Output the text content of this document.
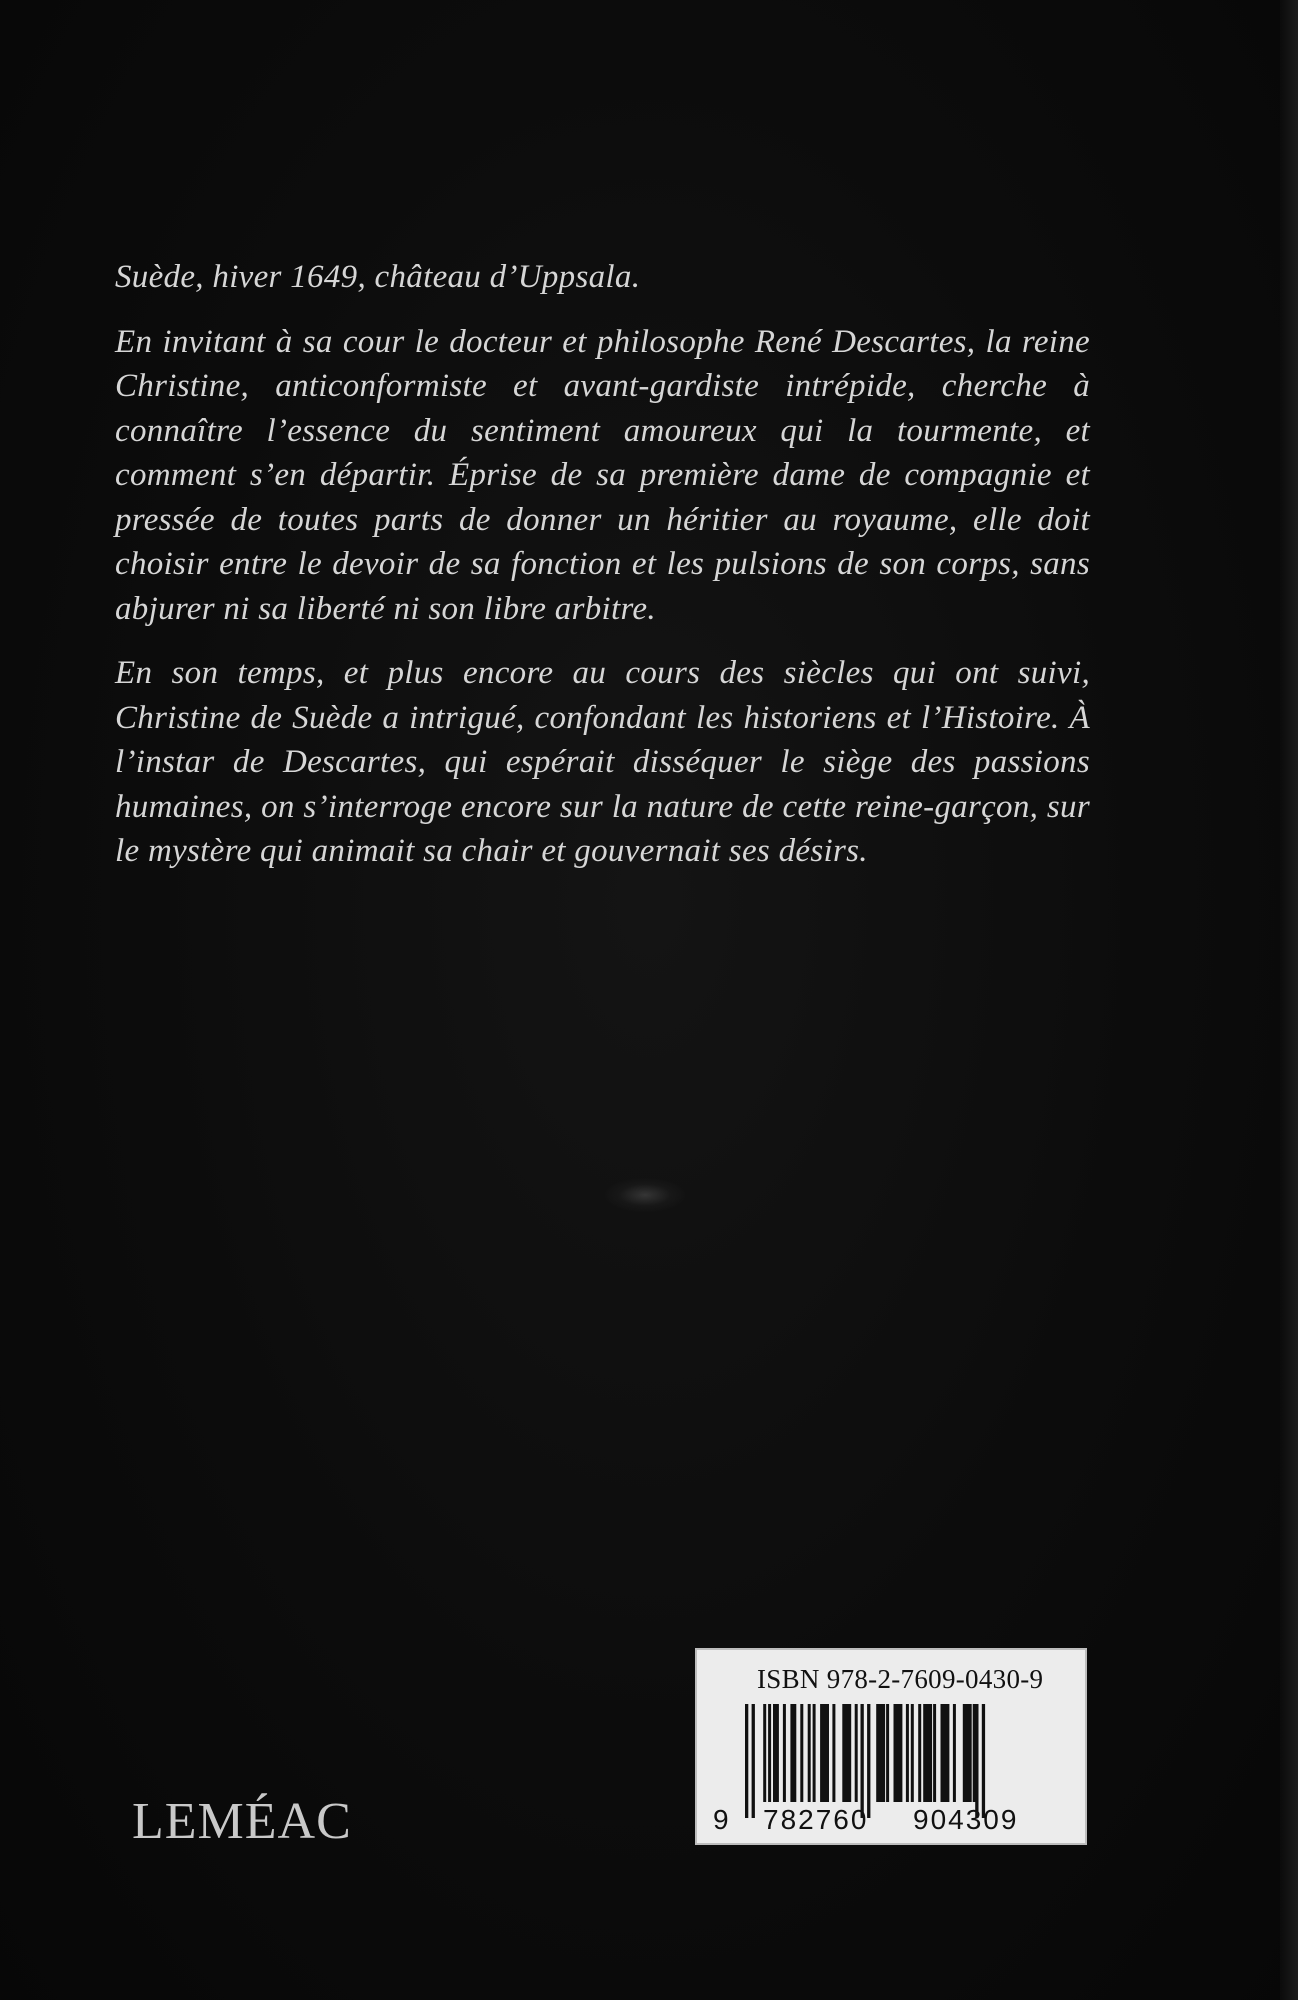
Suède, hiver 1649, château d’Uppsala.

En invitant à sa cour le docteur et philosophe René Descartes, la reine Christine, anticonformiste et avant-gardiste intrépide, cherche à connaître l’essence du sentiment amoureux qui la tourmente, et comment s’en départir. Éprise de sa première dame de compagnie et pressée de toutes parts de donner un héritier au royaume, elle doit choisir entre le devoir de sa fonction et les pulsions de son corps, sans abjurer ni sa liberté ni son libre arbitre.

En son temps, et plus encore au cours des siècles qui ont suivi, Christine de Suède a intrigué, confondant les historiens et l’Histoire. À l’instar de Descartes, qui espérait disséquer le siège des passions humaines, on s’interroge encore sur la nature de cette reine-garçon, sur le mystère qui animait sa chair et gouvernait ses désirs.

LEMÉAC
ISBN 978-2-7609-0430-9
9 782760 904309
